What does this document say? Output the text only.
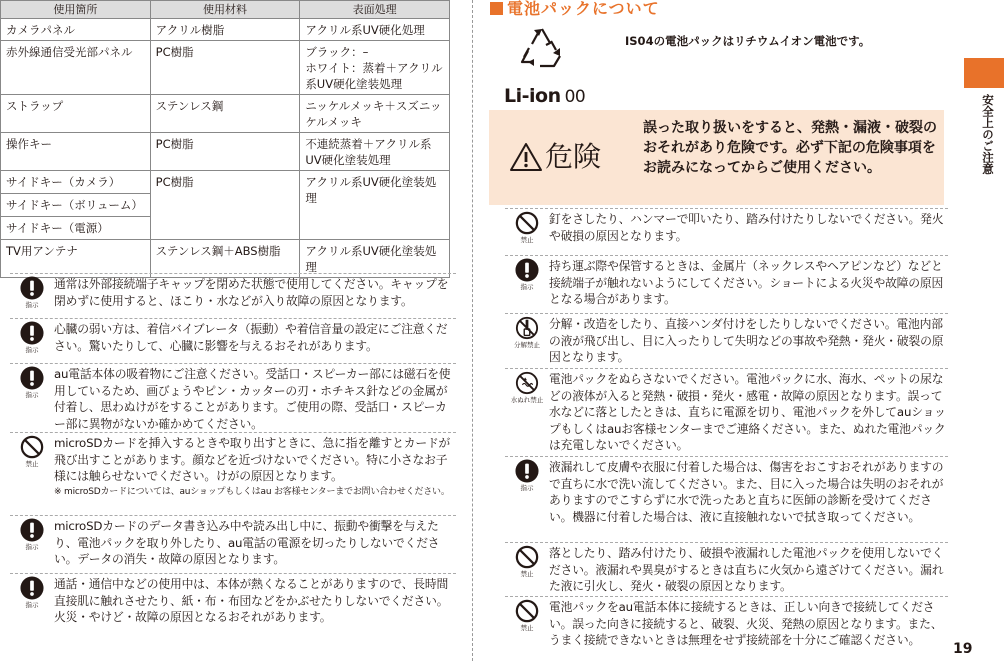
使用箇所	使用材料	表面処理
カメラパネル	アクリル樹脂	アクリル系UV硬化処理
赤外線通信受光部パネル	PC樹脂	ブラック：–
ホワイト：蒸着＋アクリル系UV硬化塗装処理
ストラップ	ステンレス鋼	ニッケルメッキ＋スズニッケルメッキ
操作キー	PC樹脂	不連続蒸着＋アクリル系UV硬化塗装処理
サイドキー（カメラ）	PC樹脂	アクリル系UV硬化塗装処理
サイドキー（ボリューム）		
サイドキー（電源）		
TV用アンテナ	ステンレス鋼＋ABS樹脂	アクリル系UV硬化塗装処理
指示
通常は外部接続端子キャップを閉めた状態で使用してください。キャップを閉めずに使用すると、ほこり・水などが入り故障の原因となります。
指示
心臓の弱い方は、着信バイブレータ（振動）や着信音量の設定にご注意ください。驚いたりして、心臓に影響を与えるおそれがあります。
指示
au電話本体の吸着物にご注意ください。受話口・スピーカー部には磁石を使用しているため、画びょうやピン・カッターの刃・ホチキス針などの金属が付着し、思わぬけがをすることがあります。ご使用の際、受話口・スピーカー部に異物がないか確かめてください。
禁止
microSDカードを挿入するときや取り出すときに、急に指を離すとカードが飛び出すことがあります。顔などを近づけないでください。特に小さなお子様には触らせないでください。けがの原因となります。
※ microSDカードについては、auショップもしくはau お客様センターまでお問い合わせください。
指示
microSDカードのデータ書き込み中や読み出し中に、振動や衝撃を与えたり、電池パックを取り外したり、au電話の電源を切ったりしないでください。データの消失・故障の原因となります。
指示
通話・通信中などの使用中は、本体が熱くなることがありますので、長時間直接肌に触れさせたり、紙・布・布団などをかぶせたりしないでください。火災・やけど・故障の原因となるおそれがあります。
電池パックについて
IS04の電池パックはリチウムイオン電池です。
Li-ion 00
危険
誤った取り扱いをすると、発熱・漏液・破裂のおそれがあり危険です。必ず下記の危険事項をお読みになってからご使用ください。
禁止
釘をさしたり、ハンマーで叩いたり、踏み付けたりしないでください。発火や破損の原因となります。
指示
持ち運ぶ際や保管するときは、金属片（ネックレスやヘアピンなど）などと接続端子が触れないようにしてください。ショートによる火災や故障の原因となる場合があります。
分解禁止
分解・改造をしたり、直接ハンダ付けをしたりしないでください。電池内部の液が飛び出し、目に入ったりして失明などの事故や発熱・発火・破裂の原因となります。
水ぬれ禁止
電池パックをぬらさないでください。電池パックに水、海水、ペットの尿などの液体が入ると発熱・破損・発火・感電・故障の原因となります。誤って水などに落としたときは、直ちに電源を切り、電池パックを外してauショップもしくはauお客様センターまでご連絡ください。また、ぬれた電池パックは充電しないでください。
指示
液漏れして皮膚や衣服に付着した場合は、傷害をおこすおそれがありますので直ちに水で洗い流してください。また、目に入った場合は失明のおそれがありますのでこすらずに水で洗ったあと直ちに医師の診断を受けてください。機器に付着した場合は、液に直接触れないで拭き取ってください。
禁止
落としたり、踏み付けたり、破損や液漏れした電池パックを使用しないでください。液漏れや異臭がするときは直ちに火気から遠ざけてください。漏れた液に引火し、発火・破裂の原因となります。
禁止
電池パックをau電話本体に接続するときは、正しい向きで接続してください。誤った向きに接続すると、破裂、火災、発熱の原因となります。また、うまく接続できないときは無理をせず接続部を十分にご確認ください。
安全上のご注意
19
